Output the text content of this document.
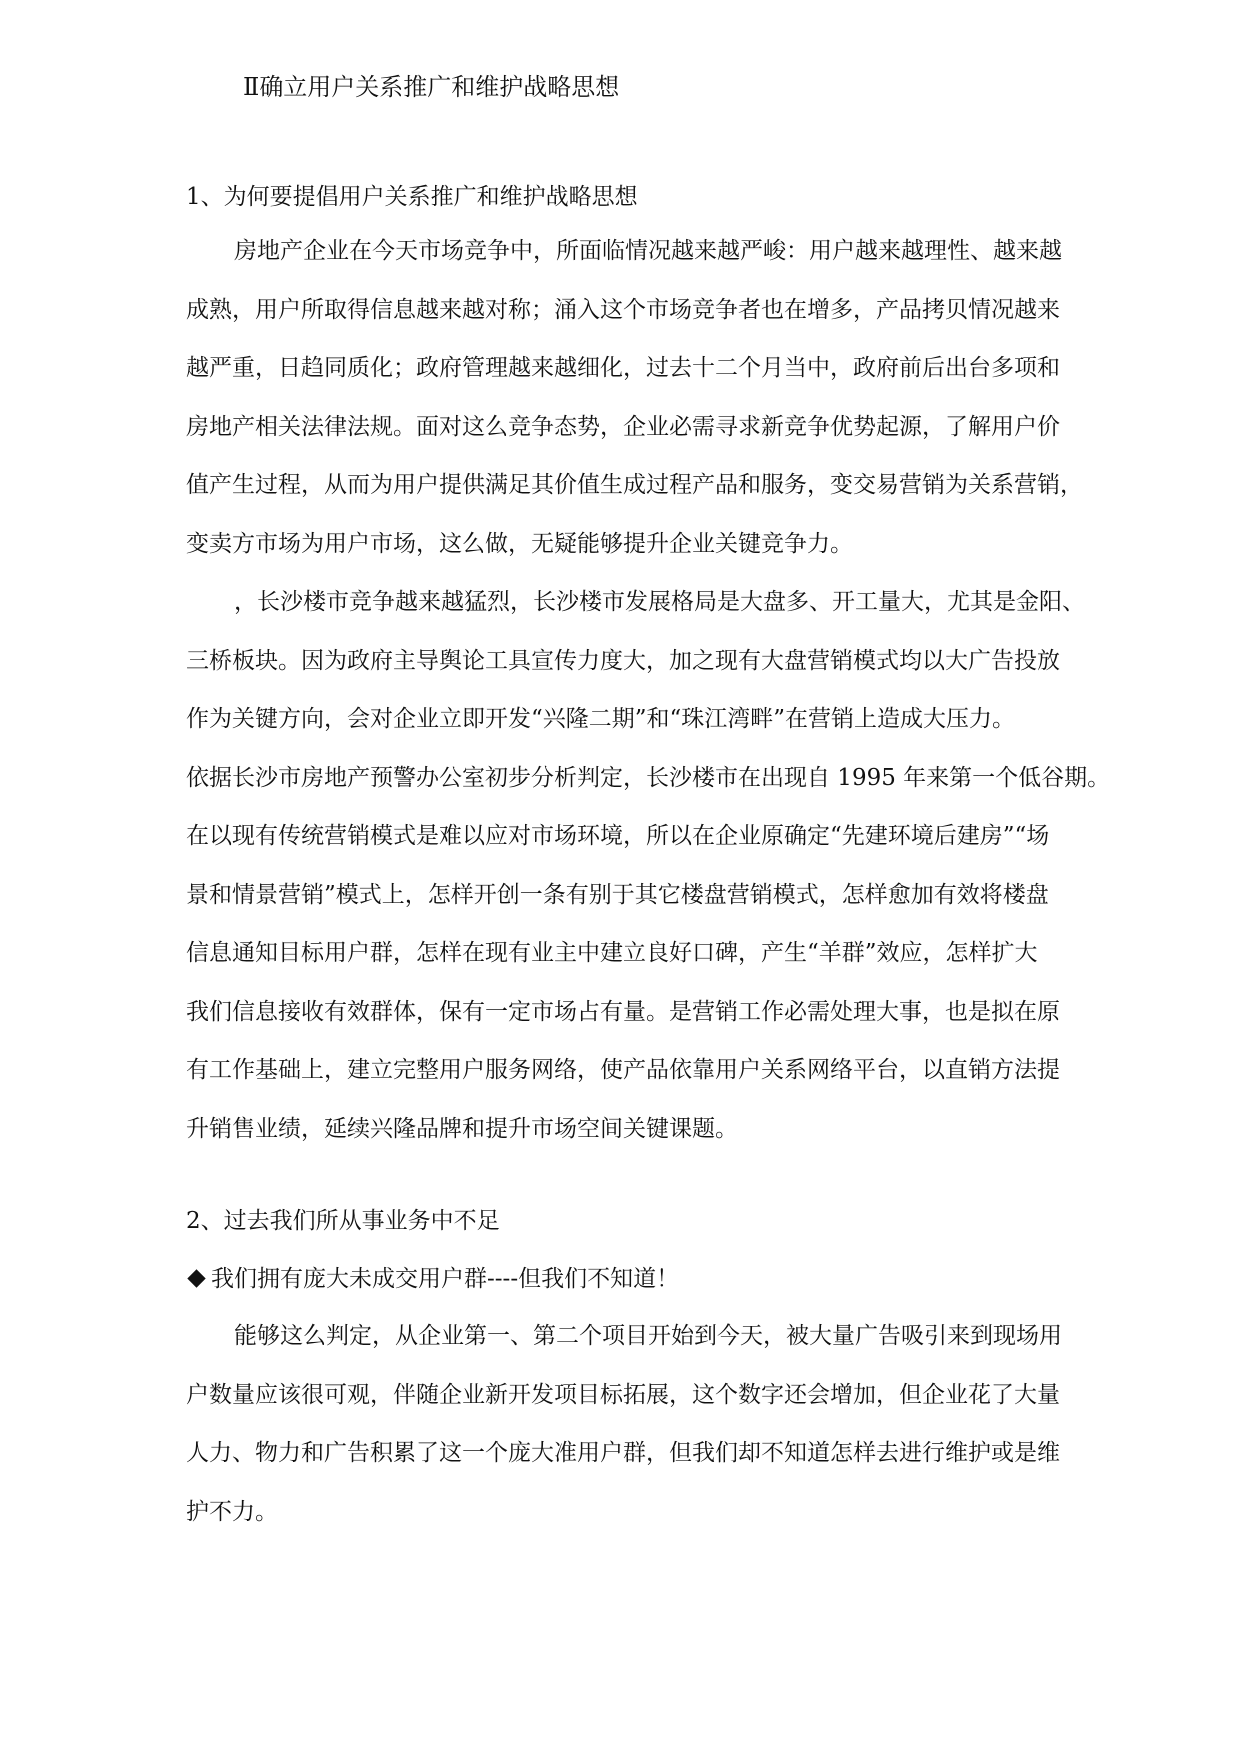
Ⅱ确立用户关系推广和维护战略思想
1、为何要提倡用户关系推广和维护战略思想
房地产企业在今天市场竞争中，所面临情况越来越严峻：用户越来越理性、越来越
成熟，用户所取得信息越来越对称；涌入这个市场竞争者也在增多，产品拷贝情况越来
越严重，日趋同质化；政府管理越来越细化，过去十二个月当中，政府前后出台多项和
房地产相关法律法规。面对这么竞争态势，企业必需寻求新竞争优势起源，了解用户价
值产生过程，从而为用户提供满足其价值生成过程产品和服务，变交易营销为关系营销，
变卖方市场为用户市场，这么做，无疑能够提升企业关键竞争力。
，长沙楼市竞争越来越猛烈，长沙楼市发展格局是大盘多、开工量大，尤其是金阳、
三桥板块。因为政府主导舆论工具宣传力度大，加之现有大盘营销模式均以大广告投放
作为关键方向，会对企业立即开发“兴隆二期”和“珠江湾畔”在营销上造成大压力。
依据长沙市房地产预警办公室初步分析判定，长沙楼市在出现自 1995 年来第一个低谷期。
在以现有传统营销模式是难以应对市场环境，所以在企业原确定“先建环境后建房”“场
景和情景营销”模式上，怎样开创一条有别于其它楼盘营销模式，怎样愈加有效将楼盘
信息通知目标用户群，怎样在现有业主中建立良好口碑，产生“羊群”效应，怎样扩大
我们信息接收有效群体，保有一定市场占有量。是营销工作必需处理大事，也是拟在原
有工作基础上，建立完整用户服务网络，使产品依靠用户关系网络平台，以直销方法提
升销售业绩，延续兴隆品牌和提升市场空间关键课题。
2、过去我们所从事业务中不足
我们拥有庞大未成交用户群----但我们不知道！
能够这么判定，从企业第一、第二个项目开始到今天，被大量广告吸引来到现场用
户数量应该很可观，伴随企业新开发项目标拓展，这个数字还会增加，但企业花了大量
人力、物力和广告积累了这一个庞大准用户群，但我们却不知道怎样去进行维护或是维
护不力。
